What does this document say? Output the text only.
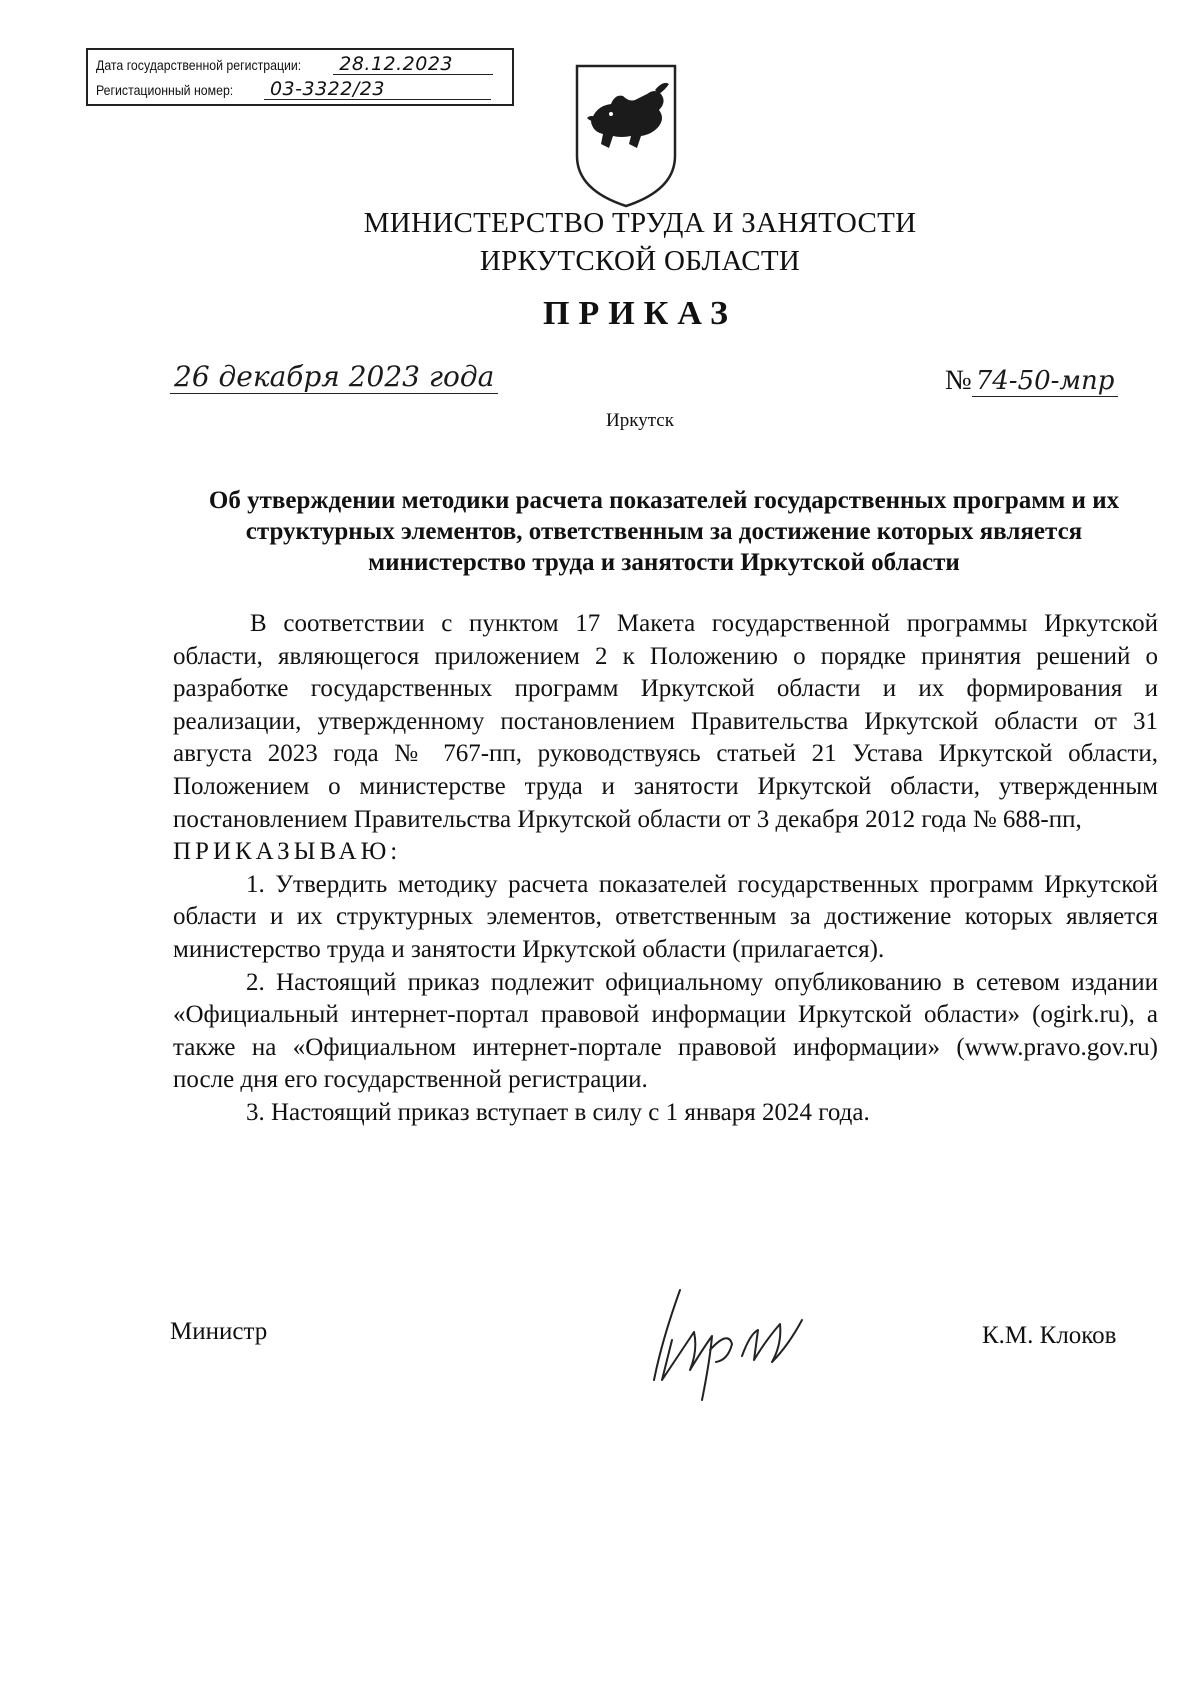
Дата государственной регистрации:	28.12.2023
Регистационный номер:	03-3322/23
МИНИСТЕРСТВО ТРУДА И ЗАНЯТОСТИ
ИРКУТСКОЙ ОБЛАСТИ
ПРИКАЗ
26 декабря 2023 года	№ 74-50-мпр
Иркутск
Об утверждении методики расчета показателей государственных программ и их структурных элементов, ответственным за достижение которых является министерство труда и занятости Иркутской области

В соответствии с пунктом 17 Макета государственной программы Иркутской области, являющегося приложением 2 к Положению о порядке принятия решений о разработке государственных программ Иркутской области и их формирования и реализации, утвержденному постановлением Правительства Иркутской области от 31 августа 2023 года № 767-пп, руководствуясь статьей 21 Устава Иркутской области, Положением о министерстве труда и занятости Иркутской области, утвержденным постановлением Правительства Иркутской области от 3 декабря 2012 года № 688-пп,

ПРИКАЗЫВАЮ:

1. Утвердить методику расчета показателей государственных программ Иркутской области и их структурных элементов, ответственным за достижение которых является министерство труда и занятости Иркутской области (прилагается).

2. Настоящий приказ подлежит официальному опубликованию в сетевом издании «Официальный интернет-портал правовой информации Иркутской области» (ogirk.ru), а также на «Официальном интернет-портале правовой информации» (www.pravo.gov.ru) после дня его государственной регистрации.

3. Настоящий приказ вступает в силу с 1 января 2024 года.

Министр	К.М. Клоков
